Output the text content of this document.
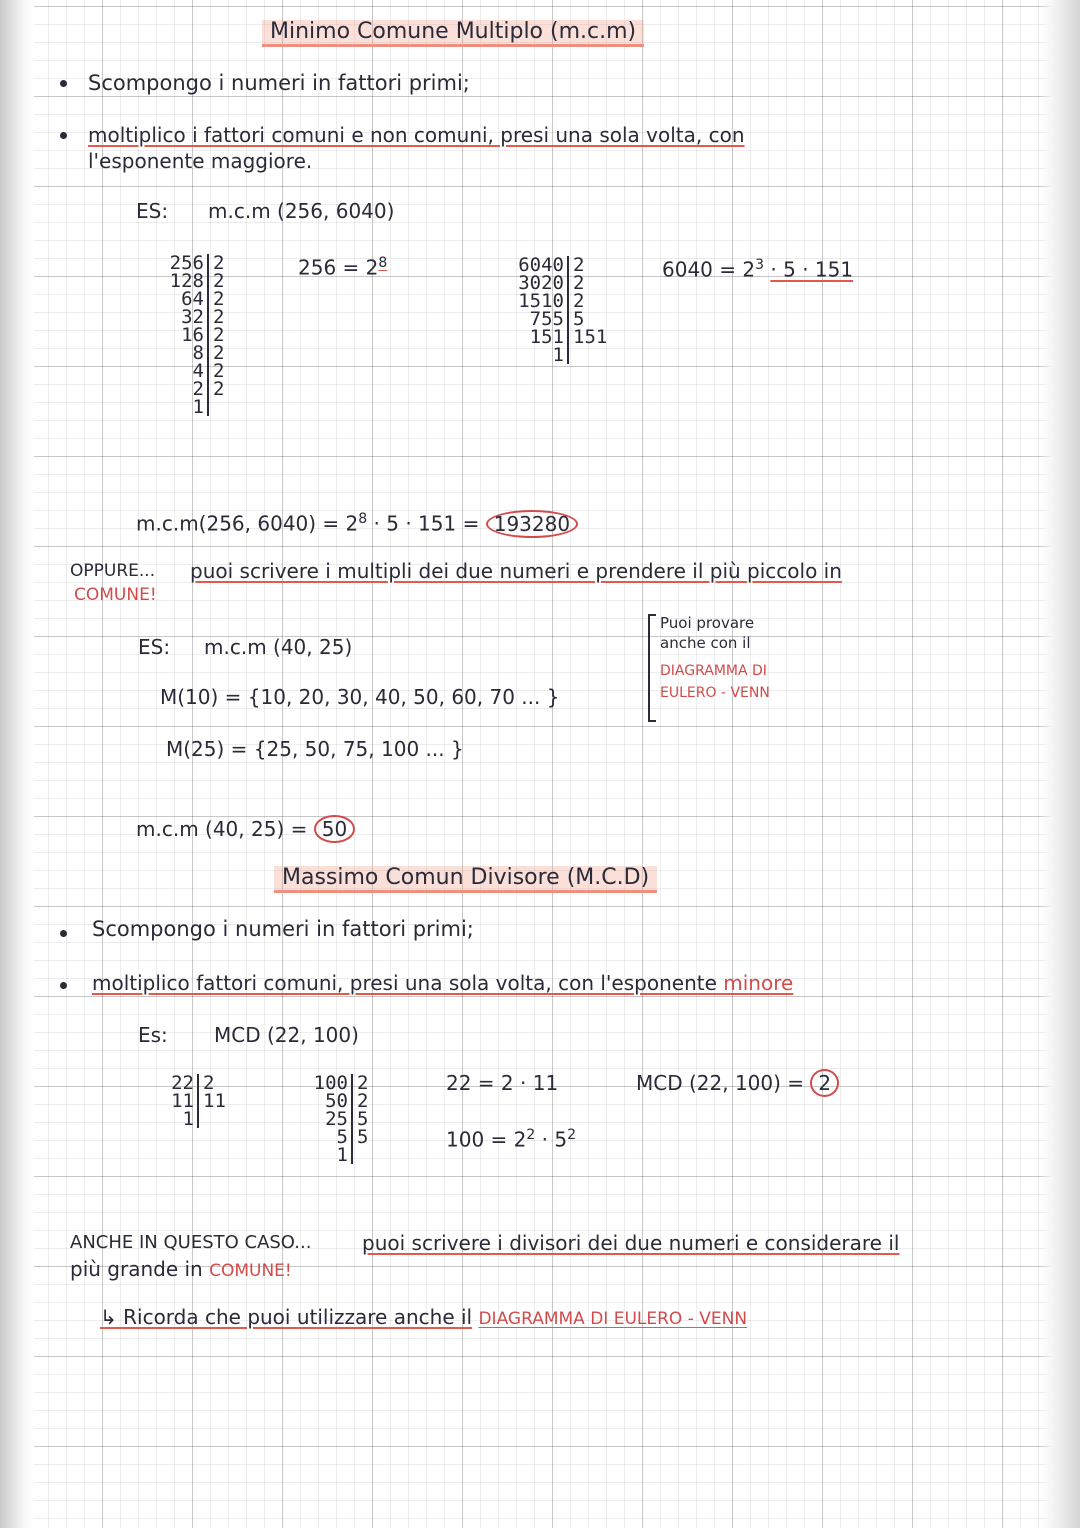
Minimo Comune Multiplo (m.c.m)
Scompongo i numeri in fattori primi;
moltiplico i fattori comuni e non comuni, presi una sola volta, con
l'esponente maggiore.
ES: m.c.m (256, 6040)
256 2
128 2
64 2
32 2
16 2
8 2
4 2
2 2
1
$256 = 2^8$	6040 2
3020 2
1510 2
755 5
151 151
1
$6040 = 2^3 \cdot 5 \cdot 151$
m.c.m(256, $6040) = 2^8 \cdot 5 \cdot 151 = 193280$
OPPURE... puoi scrivere i multipli dei due numeri e prendere il più piccolo in
COMUNE!
ES: m.c.m (40, 25)
Puoi provare
anche con il
DIAGRAMMA DI
EULERO - VENN
M(10) = {10, 20, 30, 40, 50, 60, 70 ... }
M(25) = {25, 50, 75, 100 ... }
m.c.m (40, 25) = 50
Massimo Comun Divisore (M.C.D)
Scompongo i numeri in fattori primi;
moltiplico fattori comuni, presi una sola volta, con l'esponente minore
Es: MCD (22, 100)
22 2
11 11
1
100 2
50 2
25 5
5 5
1
22 = 2 · 11
$100 = 2^2 \cdot 5^2$
MCD (22, 100) = 2
ANCHE IN QUESTO CASO...	puoi scrivere i divisori dei due numeri e considerare il
più grande in COMUNE!
↳ Ricorda che puoi utilizzare anche il DIAGRAMMA DI EULERO - VENN
